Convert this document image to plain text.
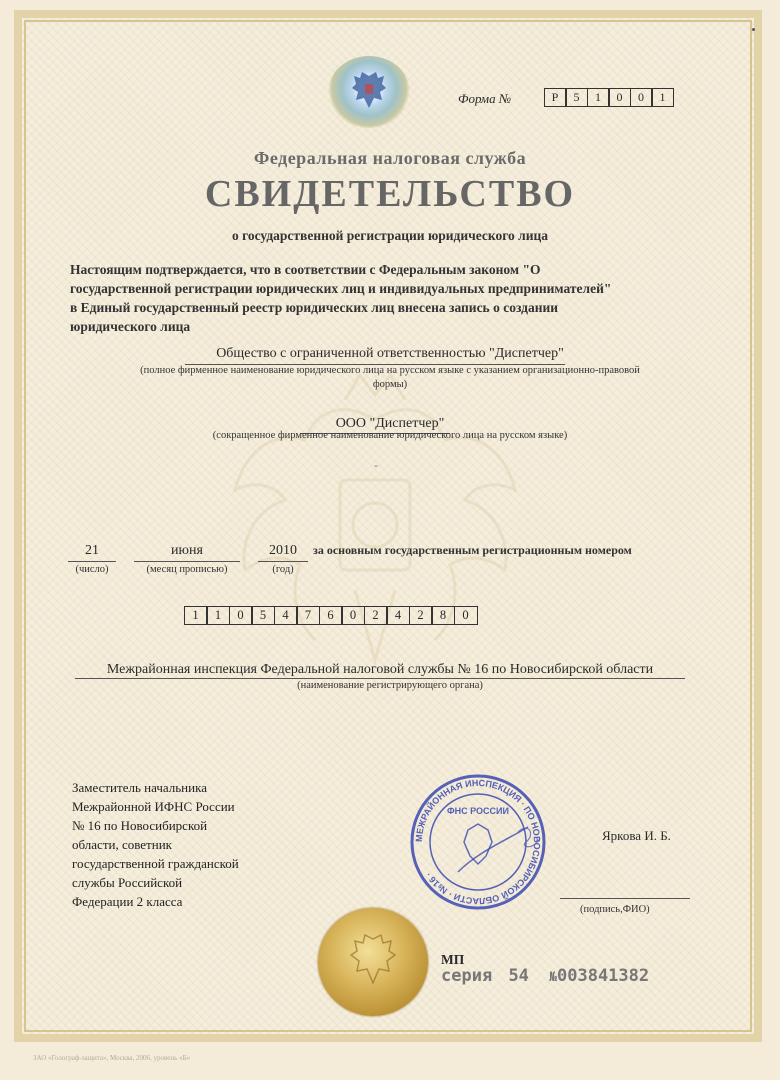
Форма №	Р	5	1	0	0	1
Федеральная налоговая служба
СВИДЕТЕЛЬСТВО
о государственной регистрации юридического лица
Настоящим подтверждается, что в соответствии с Федеральным законом "О
государственной регистрации юридических лиц и индивидуальных предпринимателей"
в Единый государственный реестр юридических лиц внесена запись о создании
юридического лица
Общество с ограниченной ответственностью "Диспетчер"
(полное фирменное наименование юридического лица на русском языке с указанием организационно-правовой
формы)
ООО "Диспетчер"
(сокращенное фирменное наименование юридического лица на русском языке)
-
21
(число)
июня
(месяц прописью)
2010
(год)
за основным государственным регистрационным номером
1	1	0	5	4	7	6	0	2	4	2	8	0
Межрайонная инспекция Федеральной налоговой службы № 16 по Новосибирской области
(наименование регистрирующего органа)
Заместитель начальника
Межрайонной ИФНС России
№ 16 по Новосибирской
области, советник
государственной гражданской
службы Российской
Федерации 2 класса
МЕЖРАЙОННАЯ ИНСПЕКЦИЯ · ПО НОВОСИБИРСКОЙ ОБЛАСТИ · №16 ·
ФНС РОССИИ
Яркова И. Б.
(подпись,ФИО)
МП
серия 54 №003841382
ЗАО «Голограф-защита», Москва, 2006, уровень «Б»
